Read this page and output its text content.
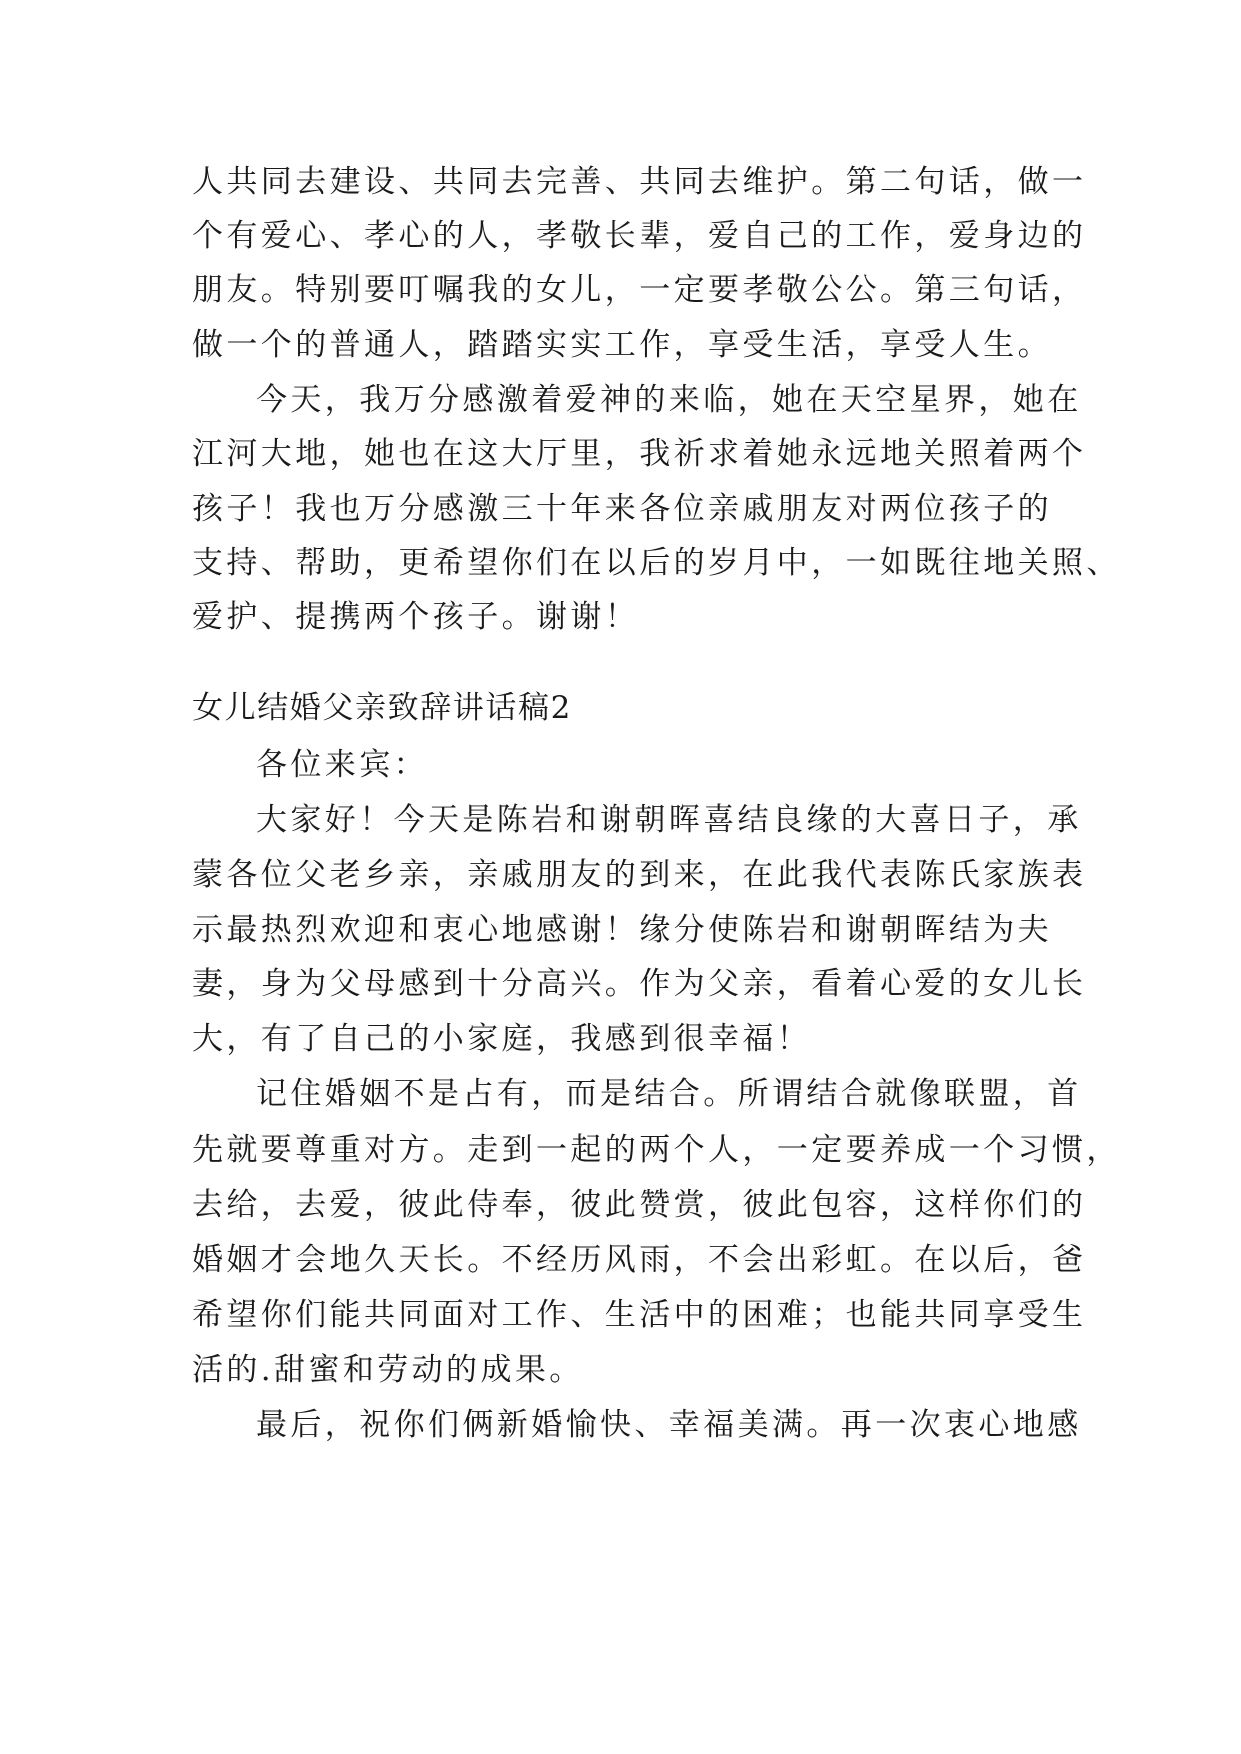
人共同去建设、共同去完善、共同去维护。第二句话，做一
个有爱心、孝心的人，孝敬长辈，爱自己的工作，爱身边的
朋友。特别要叮嘱我的女儿，一定要孝敬公公。第三句话，
做一个的普通人，踏踏实实工作，享受生活，享受人生。
今天，我万分感激着爱神的来临，她在天空星界，她在
江河大地，她也在这大厅里，我祈求着她永远地关照着两个
孩子！我也万分感激三十年来各位亲戚朋友对两位孩子的
支持、帮助，更希望你们在以后的岁月中，一如既往地关照、
爱护、提携两个孩子。谢谢！
女儿结婚父亲致辞讲话稿2
各位来宾：
大家好！今天是陈岩和谢朝晖喜结良缘的大喜日子，承
蒙各位父老乡亲，亲戚朋友的到来，在此我代表陈氏家族表
示最热烈欢迎和衷心地感谢！缘分使陈岩和谢朝晖结为夫
妻，身为父母感到十分高兴。作为父亲，看着心爱的女儿长
大，有了自己的小家庭，我感到很幸福！
记住婚姻不是占有，而是结合。所谓结合就像联盟，首
先就要尊重对方。走到一起的两个人，一定要养成一个习惯，
去给，去爱，彼此侍奉，彼此赞赏，彼此包容，这样你们的
婚姻才会地久天长。不经历风雨，不会出彩虹。在以后，爸
希望你们能共同面对工作、生活中的困难；也能共同享受生
活的.甜蜜和劳动的成果。
最后，祝你们俩新婚愉快、幸福美满。再一次衷心地感
